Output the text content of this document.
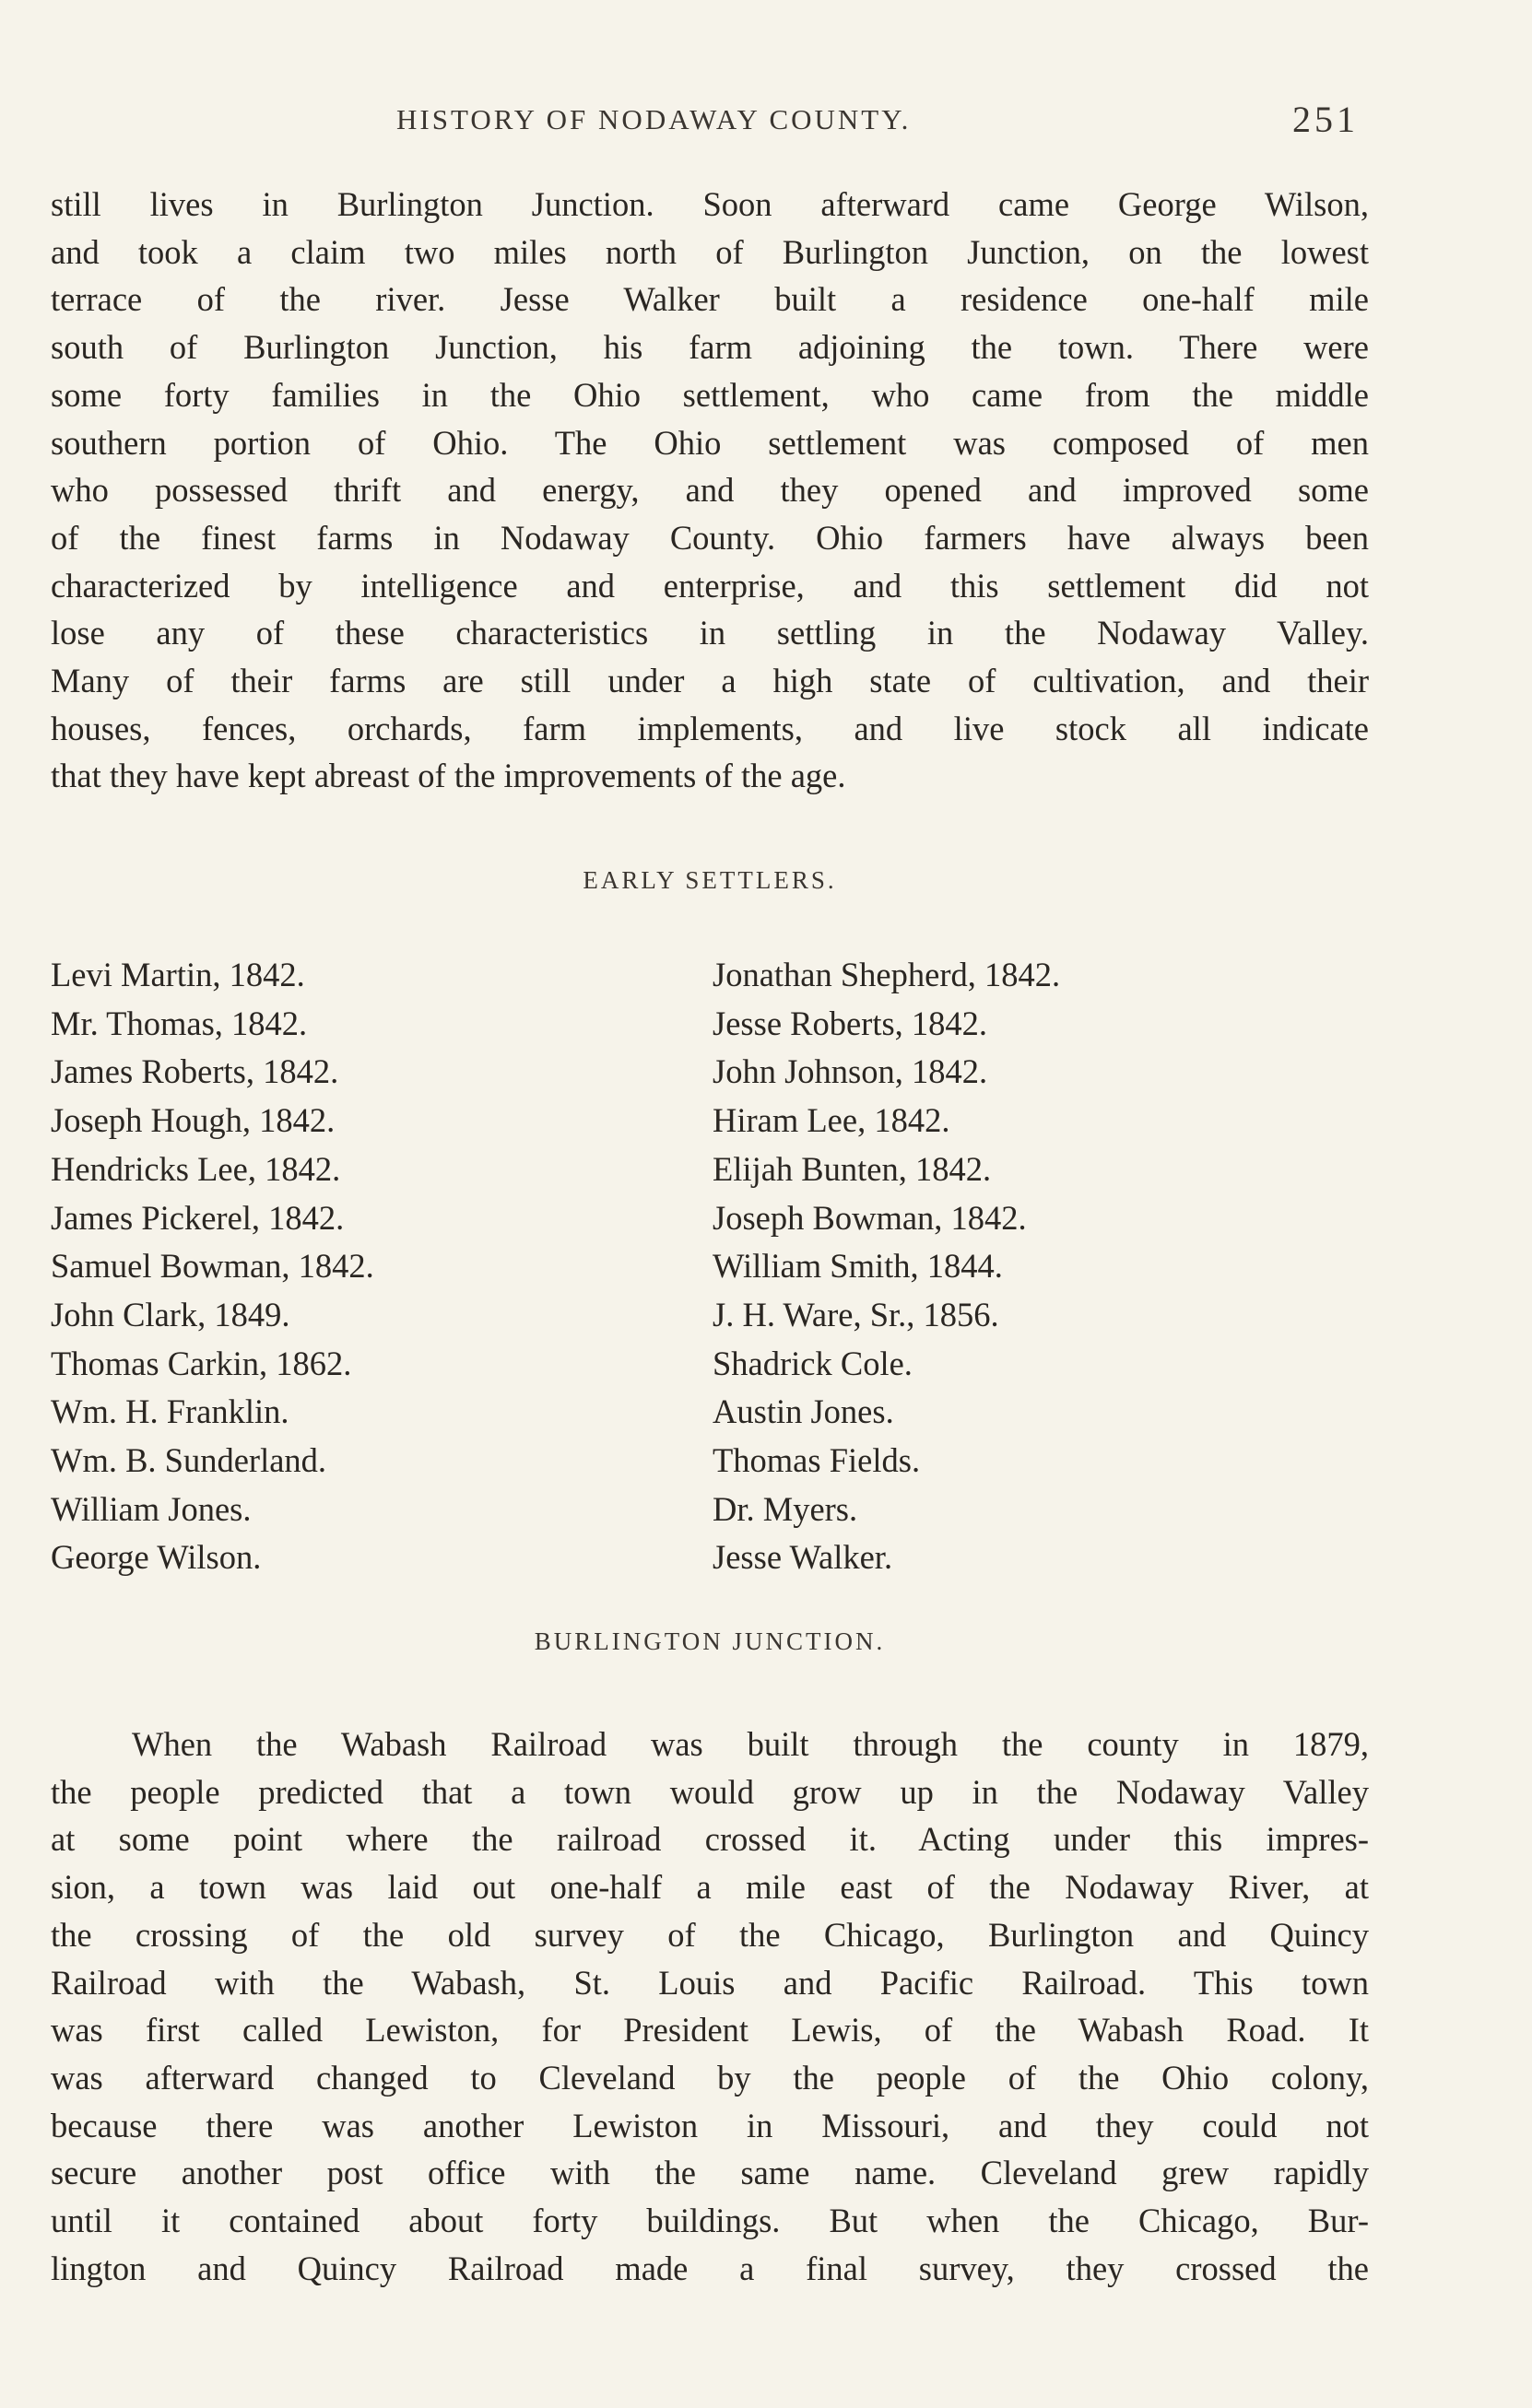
HISTORY OF NODAWAY COUNTY.	251

still lives in Burlington Junction. Soon afterward came George Wilson,
and took a claim two miles north of Burlington Junction, on the lowest
terrace of the river. Jesse Walker built a residence one-half mile
south of Burlington Junction, his farm adjoining the town. There were
some forty families in the Ohio settlement, who came from the middle
southern portion of Ohio. The Ohio settlement was composed of men
who possessed thrift and energy, and they opened and improved some
of the finest farms in Nodaway County. Ohio farmers have always been
characterized by intelligence and enterprise, and this settlement did not
lose any of these characteristics in settling in the Nodaway Valley.
Many of their farms are still under a high state of cultivation, and their
houses, fences, orchards, farm implements, and live stock all indicate
that they have kept abreast of the improvements of the age.

EARLY SETTLERS.
Levi Martin, 1842.
Mr. Thomas, 1842.
James Roberts, 1842.
Joseph Hough, 1842.
Hendricks Lee, 1842.
James Pickerel, 1842.
Samuel Bowman, 1842.
John Clark, 1849.
Thomas Carkin, 1862.
Wm. H. Franklin.
Wm. B. Sunderland.
William Jones.
George Wilson.
Jonathan Shepherd, 1842.
Jesse Roberts, 1842.
John Johnson, 1842.
Hiram Lee, 1842.
Elijah Bunten, 1842.
Joseph Bowman, 1842.
William Smith, 1844.
J. H. Ware, Sr., 1856.
Shadrick Cole.
Austin Jones.
Thomas Fields.
Dr. Myers.
Jesse Walker.
BURLINGTON JUNCTION.

When the Wabash Railroad was built through the county in 1879,
the people predicted that a town would grow up in the Nodaway Valley
at some point where the railroad crossed it. Acting under this impres-
sion, a town was laid out one-half a mile east of the Nodaway River, at
the crossing of the old survey of the Chicago, Burlington and Quincy
Railroad with the Wabash, St. Louis and Pacific Railroad. This town
was first called Lewiston, for President Lewis, of the Wabash Road. It
was afterward changed to Cleveland by the people of the Ohio colony,
because there was another Lewiston in Missouri, and they could not
secure another post office with the same name. Cleveland grew rapidly
until it contained about forty buildings. But when the Chicago, Bur-
lington and Quincy Railroad made a final survey, they crossed the
